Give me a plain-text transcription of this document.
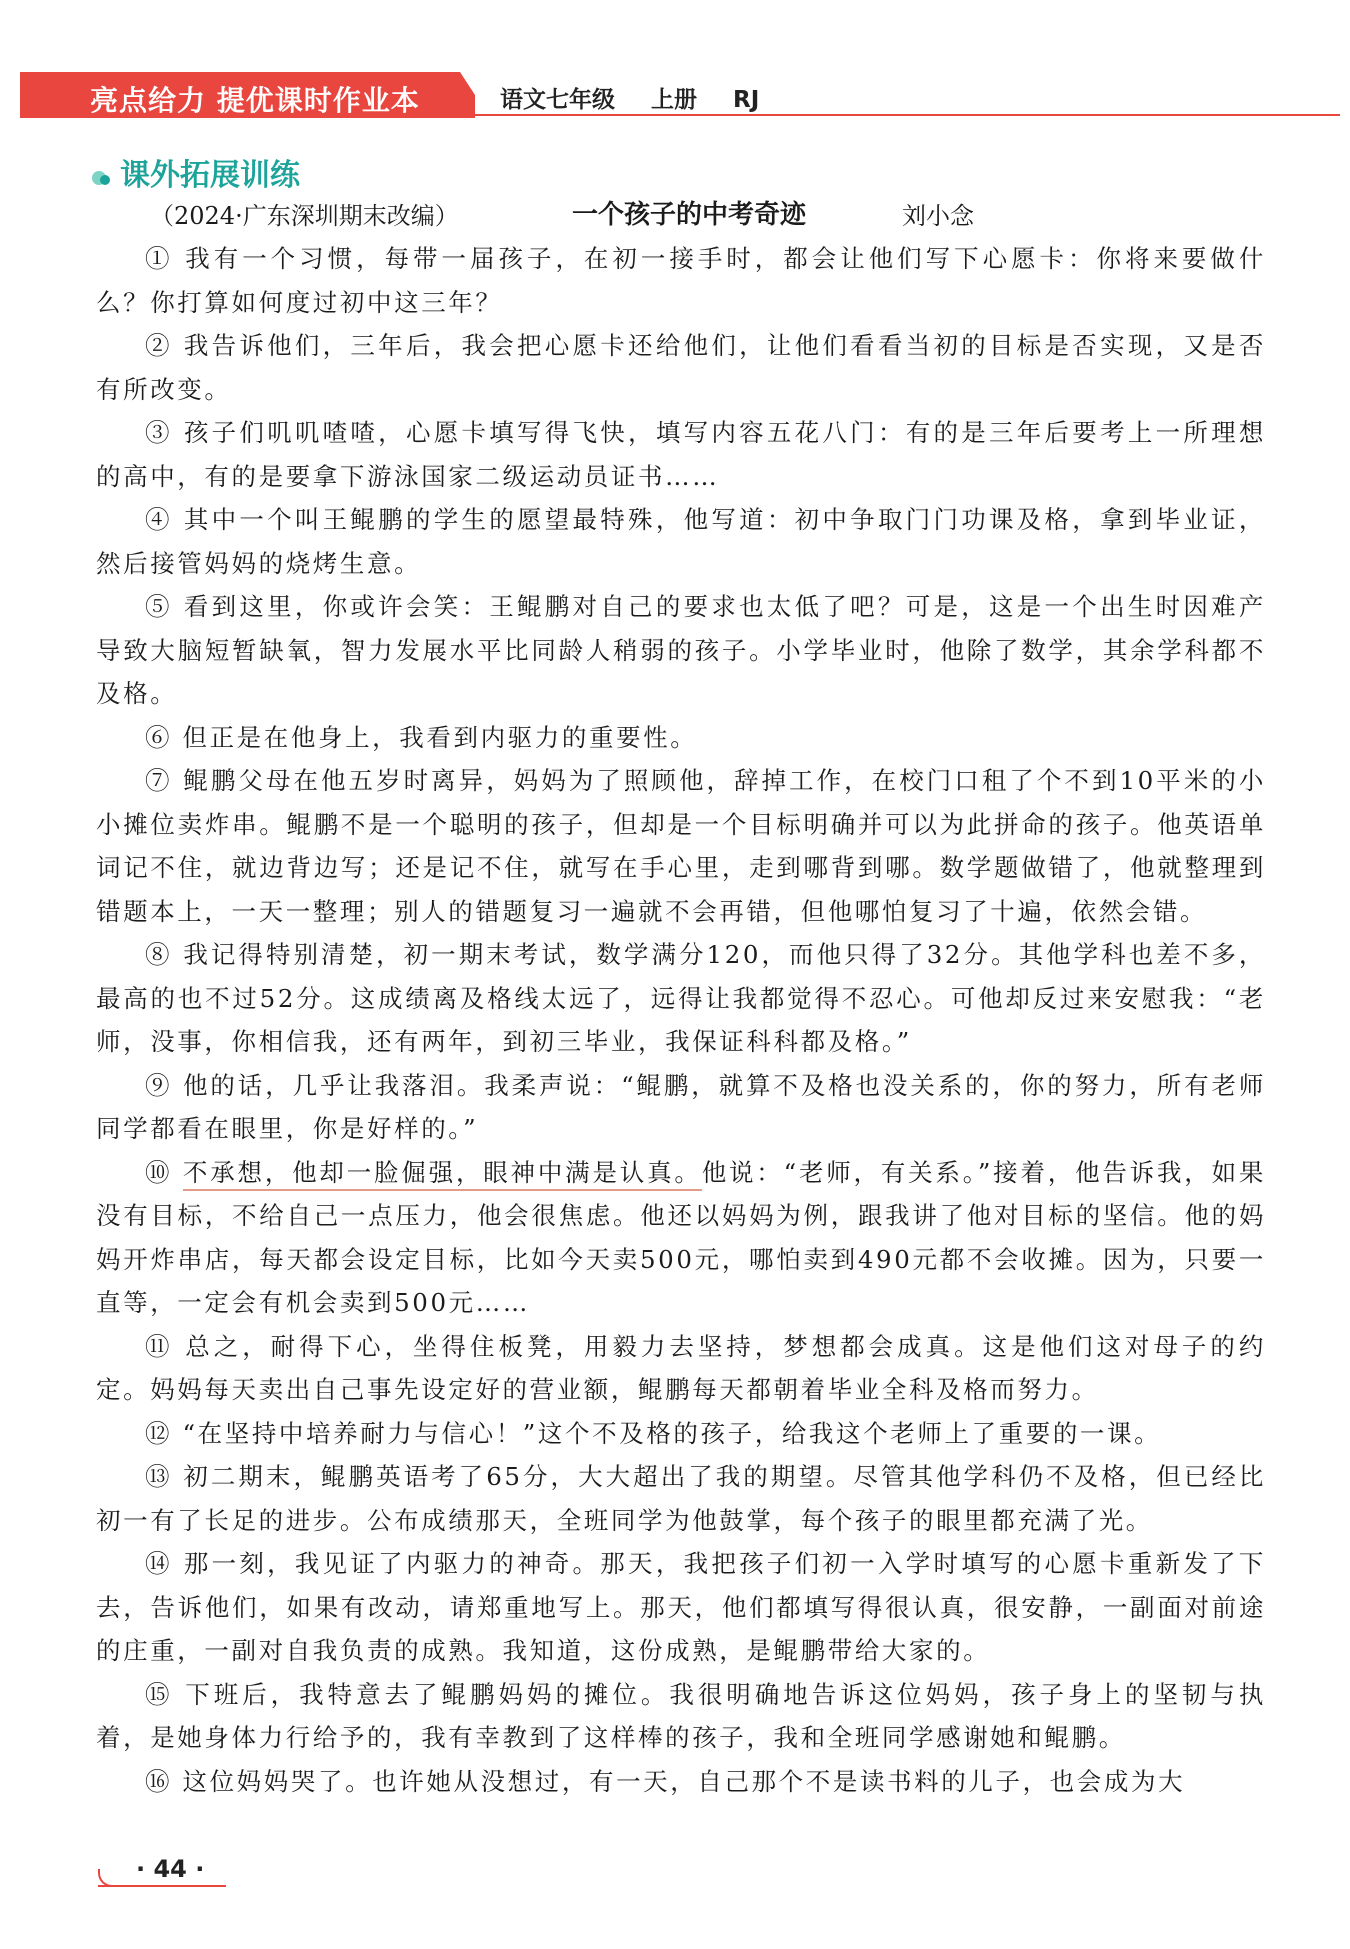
亮点给力 提优课时作业本	语文七年级 上册 RJ
课外拓展训练
（2024·广东深圳期末改编）	一个孩子的中考奇迹	刘小念

① 我有一个习惯，每带一届孩子，在初一接手时，都会让他们写下心愿卡：你将来要做什么？你打算如何度过初中这三年？

② 我告诉他们，三年后，我会把心愿卡还给他们，让他们看看当初的目标是否实现，又是否有所改变。

③ 孩子们叽叽喳喳，心愿卡填写得飞快，填写内容五花八门：有的是三年后要考上一所理想的高中，有的是要拿下游泳国家二级运动员证书……

④ 其中一个叫王鲲鹏的学生的愿望最特殊，他写道：初中争取门门功课及格，拿到毕业证，然后接管妈妈的烧烤生意。

⑤ 看到这里，你或许会笑：王鲲鹏对自己的要求也太低了吧？可是，这是一个出生时因难产导致大脑短暂缺氧，智力发展水平比同龄人稍弱的孩子。小学毕业时，他除了数学，其余学科都不及格。

⑥ 但正是在他身上，我看到内驱力的重要性。

⑦ 鲲鹏父母在他五岁时离异，妈妈为了照顾他，辞掉工作，在校门口租了个不到10平米的小小摊位卖炸串。鲲鹏不是一个聪明的孩子，但却是一个目标明确并可以为此拼命的孩子。他英语单词记不住，就边背边写；还是记不住，就写在手心里，走到哪背到哪。数学题做错了，他就整理到错题本上，一天一整理；别人的错题复习一遍就不会再错，但他哪怕复习了十遍，依然会错。

⑧ 我记得特别清楚，初一期末考试，数学满分120，而他只得了32分。其他学科也差不多，最高的也不过52分。这成绩离及格线太远了，远得让我都觉得不忍心。可他却反过来安慰我：“老师，没事，你相信我，还有两年，到初三毕业，我保证科科都及格。”

⑨ 他的话，几乎让我落泪。我柔声说：“鲲鹏，就算不及格也没关系的，你的努力，所有老师同学都看在眼里，你是好样的。”

⑩ 不承想，他却一脸倔强，眼神中满是认真。他说：“老师，有关系。”接着，他告诉我，如果没有目标，不给自己一点压力，他会很焦虑。他还以妈妈为例，跟我讲了他对目标的坚信。他的妈妈开炸串店，每天都会设定目标，比如今天卖500元，哪怕卖到490元都不会收摊。因为，只要一直等，一定会有机会卖到500元……

⑪ 总之，耐得下心，坐得住板凳，用毅力去坚持，梦想都会成真。这是他们这对母子的约定。妈妈每天卖出自己事先设定好的营业额，鲲鹏每天都朝着毕业全科及格而努力。

⑫ “在坚持中培养耐力与信心！”这个不及格的孩子，给我这个老师上了重要的一课。

⑬ 初二期末，鲲鹏英语考了65分，大大超出了我的期望。尽管其他学科仍不及格，但已经比初一有了长足的进步。公布成绩那天，全班同学为他鼓掌，每个孩子的眼里都充满了光。

⑭ 那一刻，我见证了内驱力的神奇。那天，我把孩子们初一入学时填写的心愿卡重新发了下去，告诉他们，如果有改动，请郑重地写上。那天，他们都填写得很认真，很安静，一副面对前途的庄重，一副对自我负责的成熟。我知道，这份成熟，是鲲鹏带给大家的。

⑮ 下班后，我特意去了鲲鹏妈妈的摊位。我很明确地告诉这位妈妈，孩子身上的坚韧与执着，是她身体力行给予的，我有幸教到了这样棒的孩子，我和全班同学感谢她和鲲鹏。

⑯ 这位妈妈哭了。也许她从没想过，有一天，自己那个不是读书料的儿子，也会成为大

· 44 ·
